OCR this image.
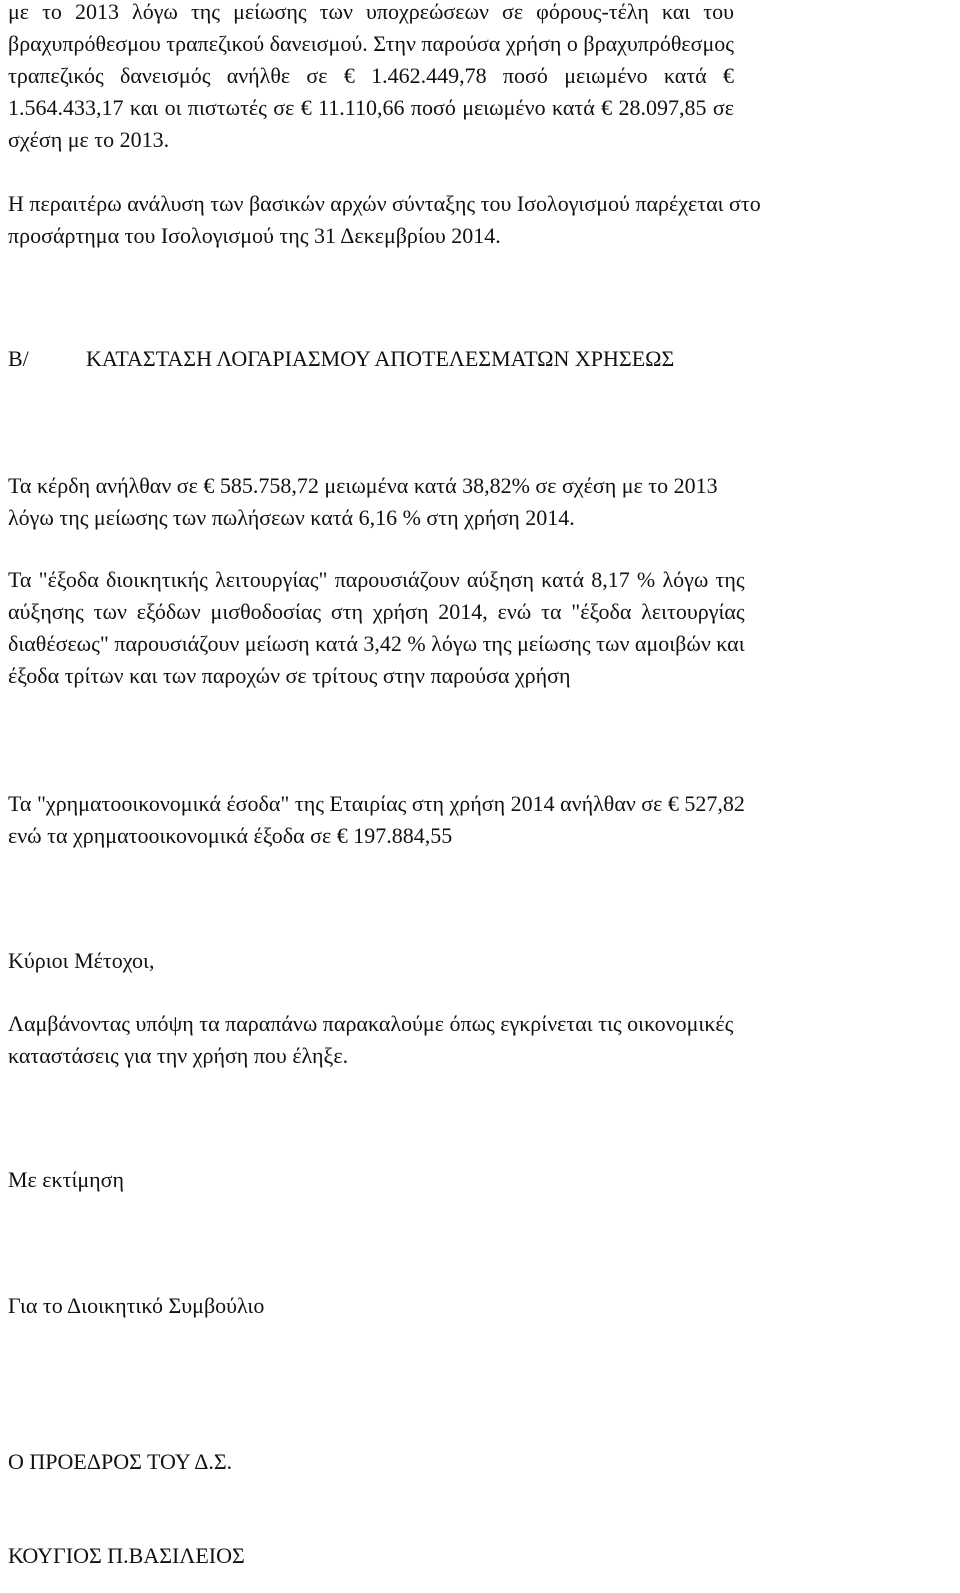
με το 2013 λόγω της μείωσης των υποχρεώσεων σε φόρους-τέλη και του
βραχυπρόθεσμου τραπεζικού δανεισμού. Στην παρούσα χρήση ο βραχυπρόθεσμος
τραπεζικός δανεισμός ανήλθε σε € 1.462.449,78 ποσό μειωμένο κατά €
1.564.433,17 και οι πιστωτές σε € 11.110,66 ποσό μειωμένο κατά € 28.097,85 σε
σχέση με το 2013.
Η περαιτέρω ανάλυση των βασικών αρχών σύνταξης του Ισολογισμού παρέχεται στο
προσάρτημα του Ισολογισμού της 31 Δεκεμβρίου 2014.
Β/	ΚΑΤΑΣΤΑΣΗ ΛΟΓΑΡΙΑΣΜΟΥ ΑΠΟΤΕΛΕΣΜΑΤΩΝ ΧΡΗΣΕΩΣ
Τα κέρδη ανήλθαν σε € 585.758,72 μειωμένα κατά 38,82% σε σχέση με το 2013
λόγω της μείωσης των πωλήσεων κατά 6,16 % στη χρήση 2014.
Τα "έξοδα διοικητικής λειτουργίας" παρουσιάζουν αύξηση κατά 8,17 % λόγω της
αύξησης των εξόδων μισθοδοσίας στη χρήση 2014, ενώ τα "έξοδα λειτουργίας
διαθέσεως" παρουσιάζουν μείωση κατά 3,42 % λόγω της μείωσης των αμοιβών και
έξοδα τρίτων και των παροχών σε τρίτους στην παρούσα χρήση
Τα "χρηματοοικονομικά έσοδα" της Εταιρίας στη χρήση 2014 ανήλθαν σε € 527,82
ενώ τα χρηματοοικονομικά έξοδα σε € 197.884,55

Κύριοι Μέτοχοι,

Λαμβάνοντας υπόψη τα παραπάνω παρακαλούμε όπως εγκρίνεται τις οικονομικές
καταστάσεις για την χρήση που έληξε.

Με εκτίμηση

Για το Διοικητικό Συμβούλιο

Ο ΠΡΟΕΔΡΟΣ ΤΟΥ Δ.Σ.

ΚΟΥΓΙΟΣ Π.ΒΑΣΙΛΕΙΟΣ
